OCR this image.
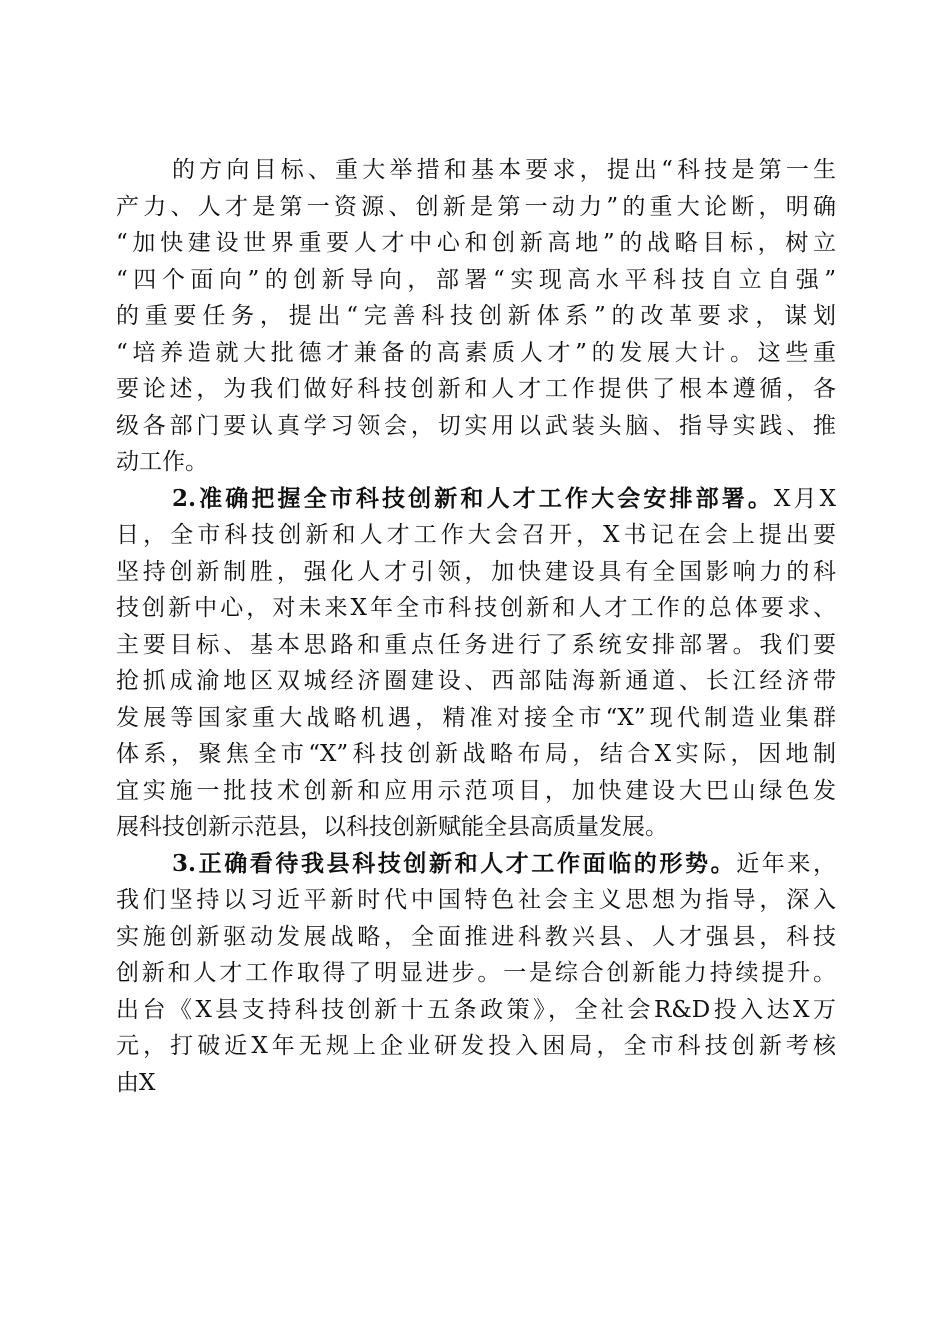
的方向目标、重大举措和基本要求，提出“科技是第一生
产力、人才是第一资源、创新是第一动力”的重大论断，明确
“加快建设世界重要人才中心和创新高地”的战略目标，树立
“四个面向”的创新导向，部署“实现高水平科技自立自强”
的重要任务，提出“完善科技创新体系”的改革要求，谋划
“培养造就大批德才兼备的高素质人才”的发展大计。这些重
要论述，为我们做好科技创新和人才工作提供了根本遵循，各
级各部门要认真学习领会，切实用以武装头脑、指导实践、推
动工作。
2.准确把握全市科技创新和人才工作大会安排部署。X月X
日，全市科技创新和人才工作大会召开，X书记在会上提出要
坚持创新制胜，强化人才引领，加快建设具有全国影响力的科
技创新中心，对未来X年全市科技创新和人才工作的总体要求、
主要目标、基本思路和重点任务进行了系统安排部署。我们要
抢抓成渝地区双城经济圈建设、西部陆海新通道、长江经济带
发展等国家重大战略机遇，精准对接全市“X”现代制造业集群
体系，聚焦全市“X”科技创新战略布局，结合X实际，因地制
宜实施一批技术创新和应用示范项目，加快建设大巴山绿色发
展科技创新示范县，以科技创新赋能全县高质量发展。
3.正确看待我县科技创新和人才工作面临的形势。近年来，
我们坚持以习近平新时代中国特色社会主义思想为指导，深入
实施创新驱动发展战略，全面推进科教兴县、人才强县，科技
创新和人才工作取得了明显进步。一是综合创新能力持续提升。
出台《X县支持科技创新十五条政策》，全社会R&D投入达X万
元，打破近X年无规上企业研发投入困局，全市科技创新考核
由X
